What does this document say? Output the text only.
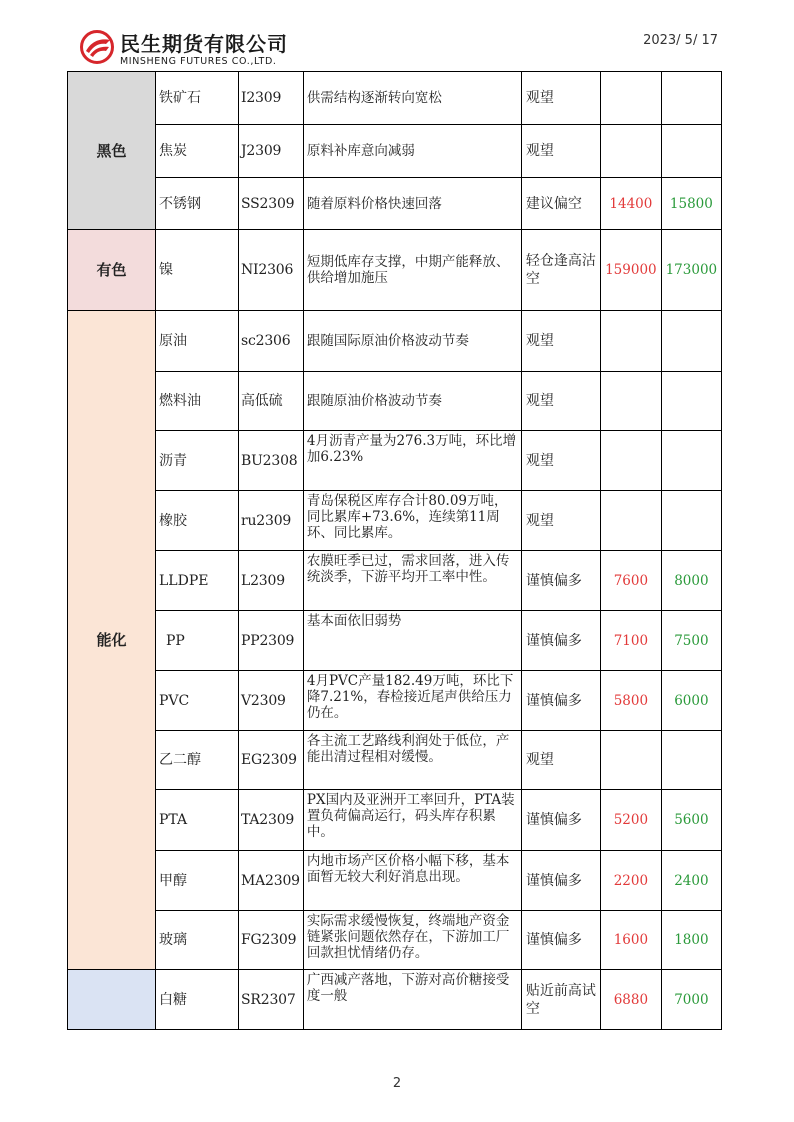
民生期货有限公司
MINSHENG FUTURES CO.,LTD.
2023/ 5/ 17
黑色	铁矿石	I2309	供需结构逐渐转向宽松	观望		
	焦炭	J2309	原料补库意向减弱	观望		
	不锈钢	SS2309	随着原料价格快速回落	建议偏空	14400	15800
有色	镍	NI2306	短期低库存支撑，中期产能释放、供给增加施压	轻仓逢高沽空	159000	173000
能化	原油	sc2306	跟随国际原油价格波动节奏	观望		
	燃料油	高低硫	跟随原油价格波动节奏	观望		
	沥青	BU2308	4月沥青产量为276.3万吨，环比增加6.23%	观望		
	橡胶	ru2309	青岛保税区库存合计80.09万吨，同比累库+73.6%，连续第11周环、同比累库。	观望		
	LLDPE	L2309	农膜旺季已过，需求回落，进入传统淡季，下游平均开工率中性。	谨慎偏多	7600	8000
	PP	PP2309	基本面依旧弱势	谨慎偏多	7100	7500
	PVC	V2309	4月PVC产量182.49万吨，环比下降7.21%，春检接近尾声供给压力仍在。	谨慎偏多	5800	6000
	乙二醇	EG2309	各主流工艺路线利润处于低位，产能出清过程相对缓慢。	观望		
	PTA	TA2309	PX国内及亚洲开工率回升，PTA装置负荷偏高运行，码头库存积累中。	谨慎偏多	5200	5600
	甲醇	MA2309	内地市场产区价格小幅下移，基本面暂无较大利好消息出现。	谨慎偏多	2200	2400
	玻璃	FG2309	实际需求缓慢恢复，终端地产资金链紧张问题依然存在，下游加工厂回款担忧情绪仍存。	谨慎偏多	1600	1800
	白糖	SR2307	广西减产落地，下游对高价糖接受度一般	贴近前高试空	6880	7000
2
